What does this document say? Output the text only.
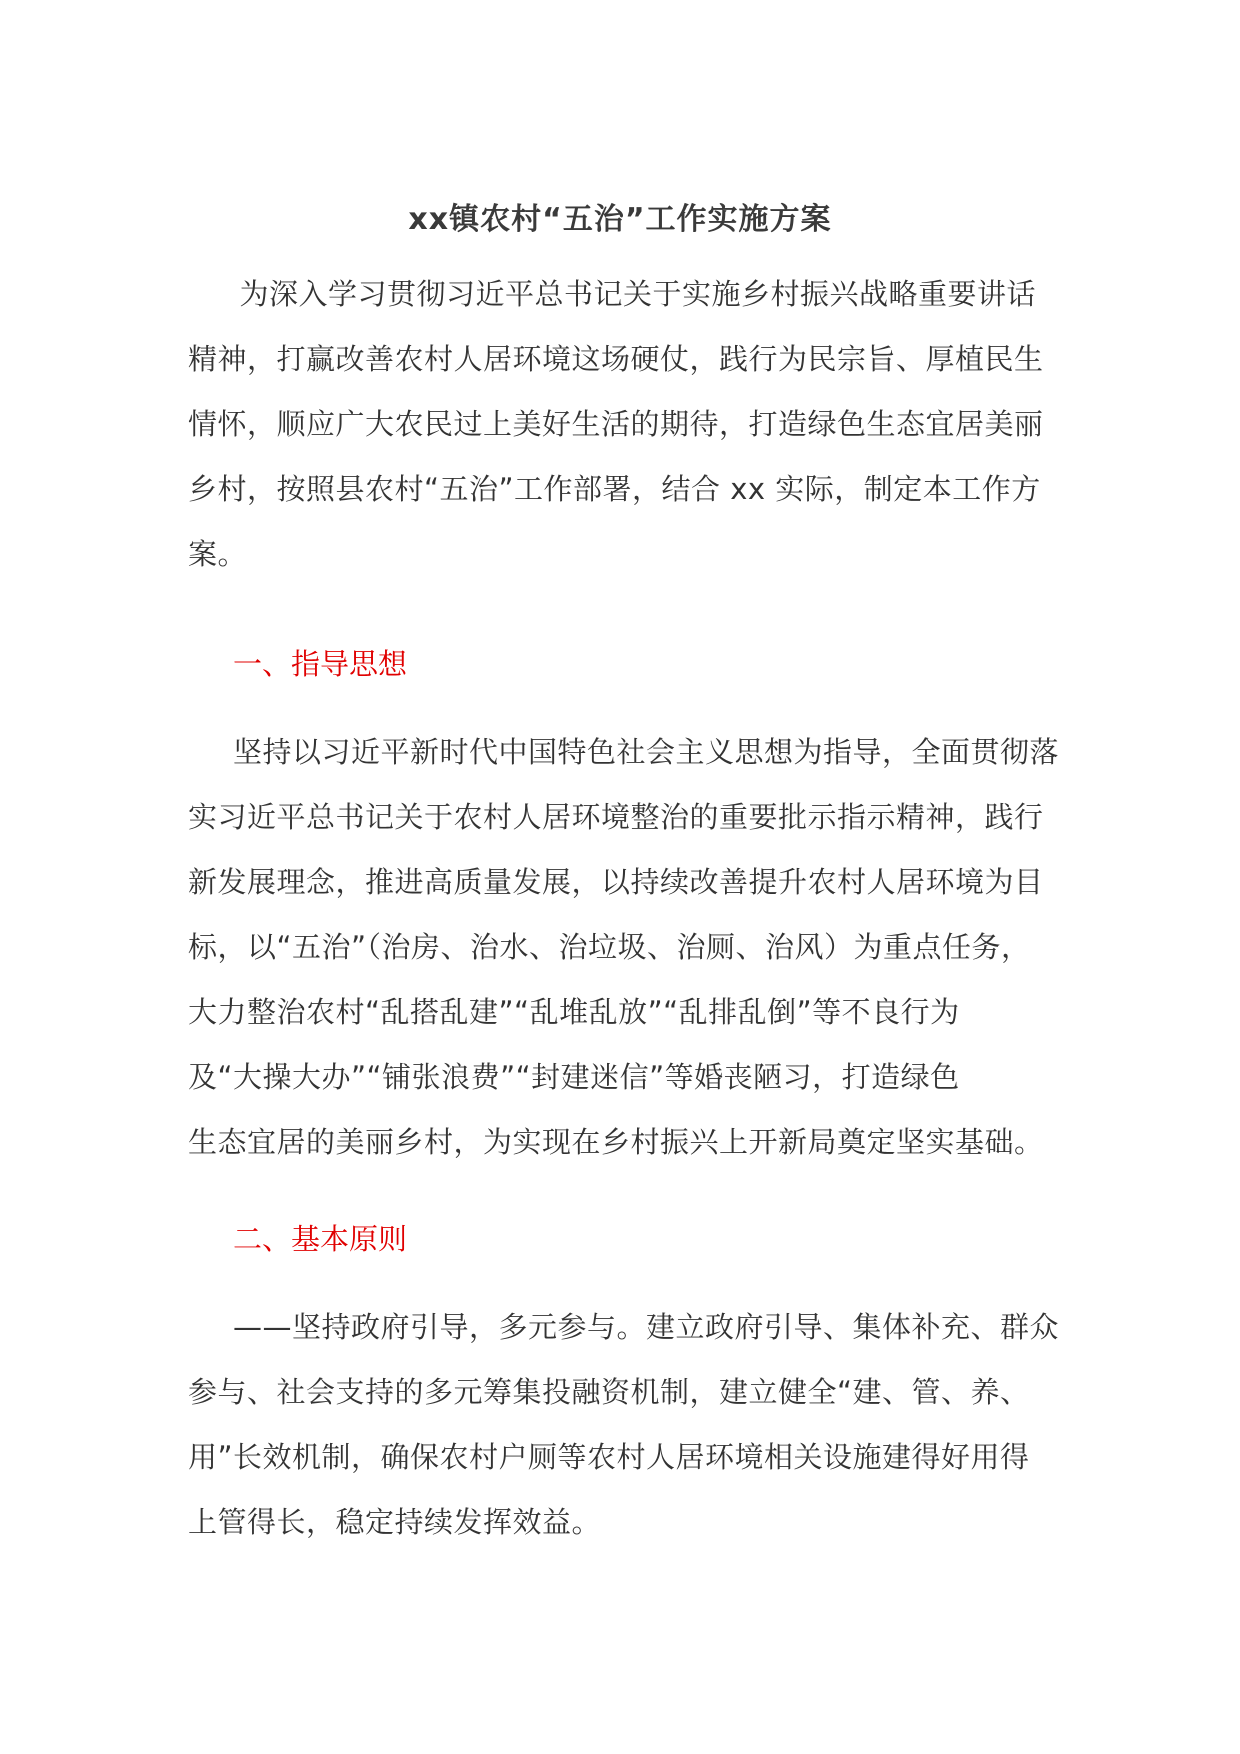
xx镇农村“五治”工作实施方案
　为深入学习贯彻习近平总书记关于实施乡村振兴战略重要讲话
精神，打赢改善农村人居环境这场硬仗，践行为民宗旨、厚植民生
情怀，顺应广大农民过上美好生活的期待，打造绿色生态宜居美丽
乡村，按照县农村“五治”工作部署，结合 xx 实际，制定本工作方
案。
一、指导思想
坚持以习近平新时代中国特色社会主义思想为指导，全面贯彻落
实习近平总书记关于农村人居环境整治的重要批示指示精神，践行
新发展理念，推进高质量发展，以持续改善提升农村人居环境为目
标，以“五治”（治房、治水、治垃圾、治厕、治风）为重点任务，
大力整治农村“乱搭乱建”“乱堆乱放”“乱排乱倒”等不良行为
及“大操大办”“铺张浪费”“封建迷信”等婚丧陋习，打造绿色
生态宜居的美丽乡村，为实现在乡村振兴上开新局奠定坚实基础。
二、基本原则
——坚持政府引导，多元参与。建立政府引导、集体补充、群众
参与、社会支持的多元筹集投融资机制，建立健全“建、管、养、
用”长效机制，确保农村户厕等农村人居环境相关设施建得好用得
上管得长，稳定持续发挥效益。
